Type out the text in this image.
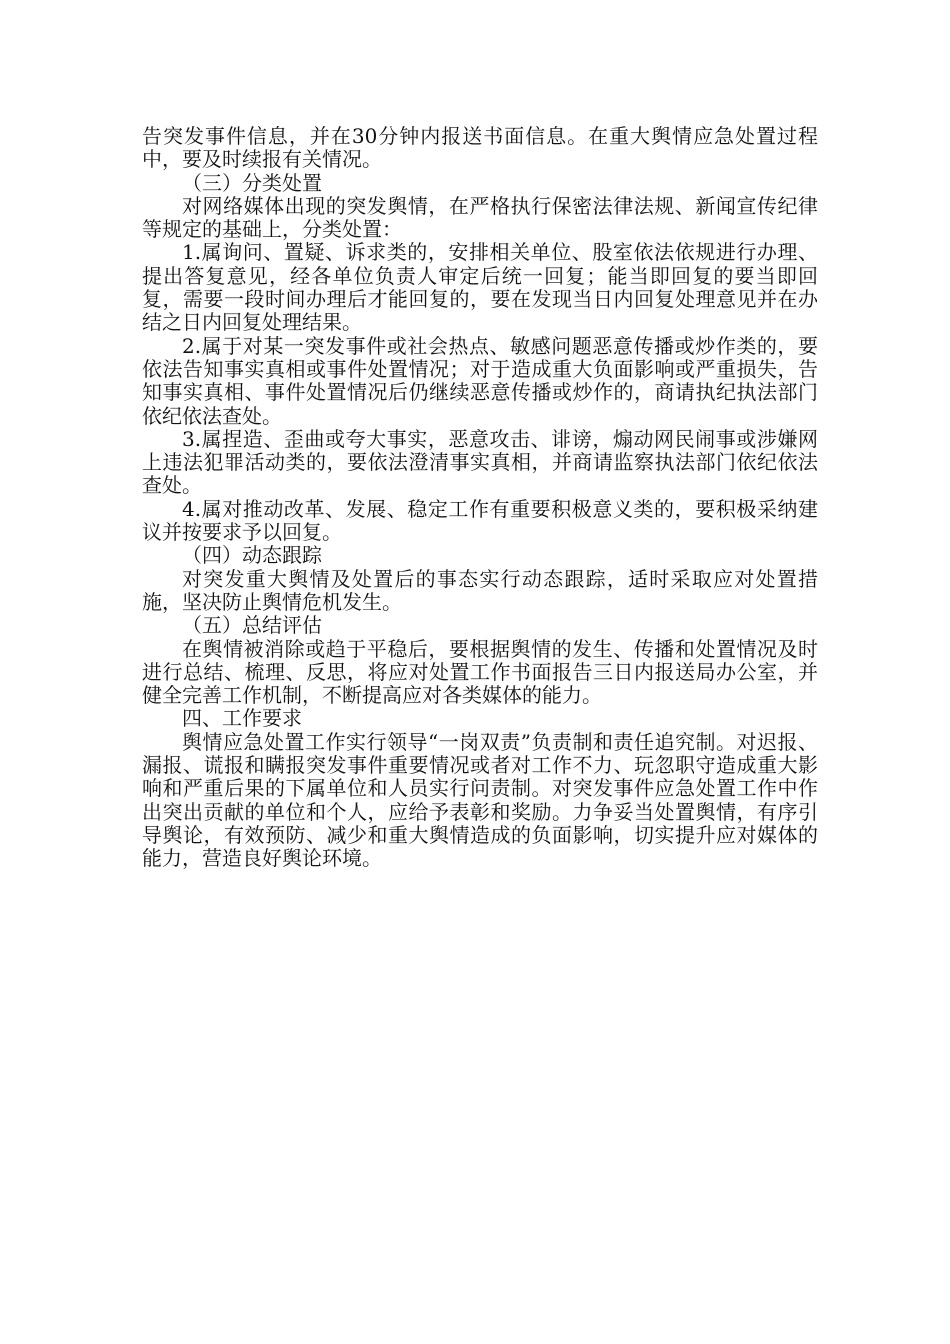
告突发事件信息，并在30分钟内报送书面信息。在重大舆情应急处置过程中，要及时续报有关情况。

（三）分类处置

对网络媒体出现的突发舆情，在严格执行保密法律法规、新闻宣传纪律等规定的基础上，分类处置：

1.属询问、置疑、诉求类的，安排相关单位、股室依法依规进行办理、提出答复意见，经各单位负责人审定后统一回复；能当即回复的要当即回复，需要一段时间办理后才能回复的，要在发现当日内回复处理意见并在办结之日内回复处理结果。

2.属于对某一突发事件或社会热点、敏感问题恶意传播或炒作类的，要依法告知事实真相或事件处置情况；对于造成重大负面影响或严重损失，告知事实真相、事件处置情况后仍继续恶意传播或炒作的，商请执纪执法部门依纪依法查处。

3.属捏造、歪曲或夸大事实，恶意攻击、诽谤，煽动网民闹事或涉嫌网上违法犯罪活动类的，要依法澄清事实真相，并商请监察执法部门依纪依法查处。

4.属对推动改革、发展、稳定工作有重要积极意义类的，要积极采纳建议并按要求予以回复。

（四）动态跟踪

对突发重大舆情及处置后的事态实行动态跟踪，适时采取应对处置措施，坚决防止舆情危机发生。

（五）总结评估

在舆情被消除或趋于平稳后，要根据舆情的发生、传播和处置情况及时进行总结、梳理、反思，将应对处置工作书面报告三日内报送局办公室，并健全完善工作机制，不断提高应对各类媒体的能力。

四、工作要求

舆情应急处置工作实行领导“一岗双责”负责制和责任追究制。对迟报、漏报、谎报和瞒报突发事件重要情况或者对工作不力、玩忽职守造成重大影响和严重后果的下属单位和人员实行问责制。对突发事件应急处置工作中作出突出贡献的单位和个人，应给予表彰和奖励。力争妥当处置舆情，有序引导舆论，有效预防、减少和重大舆情造成的负面影响，切实提升应对媒体的能力，营造良好舆论环境。
